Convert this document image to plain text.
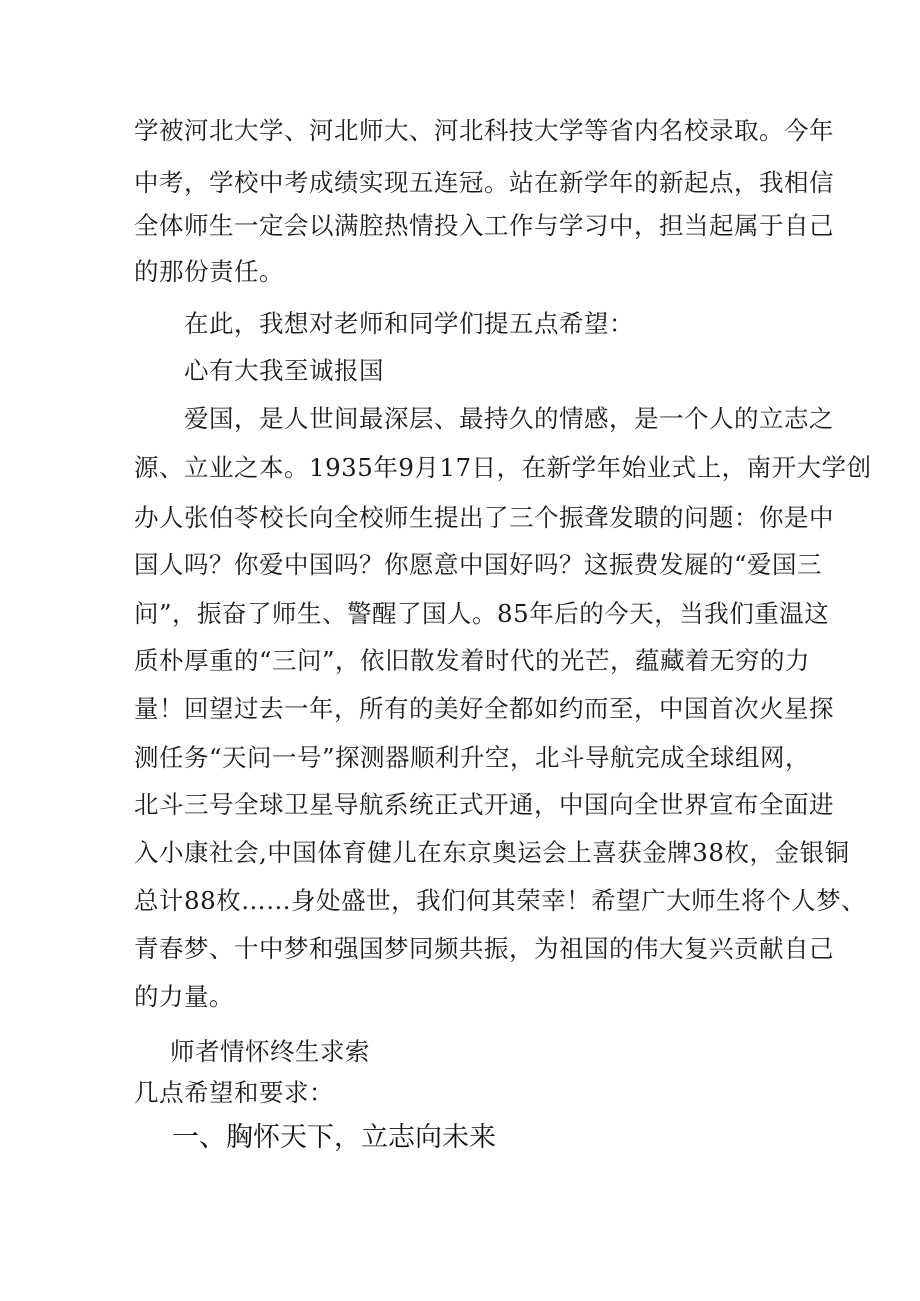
学被河北大学、河北师大、河北科技大学等省内名校录取。今年
中考，学校中考成绩实现五连冠。站在新学年的新起点，我相信
全体师生一定会以满腔热情投入工作与学习中，担当起属于自己
的那份责任。
在此，我想对老师和同学们提五点希望：
心有大我至诚报国
爱国，是人世间最深层、最持久的情感，是一个人的立志之
源、立业之本。1935年9月17日，在新学年始业式上，南开大学创
办人张伯苓校长向全校师生提出了三个振聋发聩的问题：你是中
国人吗？你爱中国吗？你愿意中国好吗？这振费发屣的“爱国三
问”，振奋了师生、警醒了国人。85年后的今天，当我们重温这
质朴厚重的“三问”，依旧散发着时代的光芒，蕴藏着无穷的力
量！回望过去一年，所有的美好全都如约而至，中国首次火星探
测任务“天问一号”探测器顺利升空，北斗导航完成全球组网，
北斗三号全球卫星导航系统正式开通，中国向全世界宣布全面进
入小康社会,中国体育健儿在东京奥运会上喜获金牌38枚，金银铜
总计88枚……身处盛世，我们何其荣幸！希望广大师生将个人梦、
青春梦、十中梦和强国梦同频共振，为祖国的伟大复兴贡献自己
的力量。
师者情怀终生求索
几点希望和要求：
一、胸怀天下，立志向未来
